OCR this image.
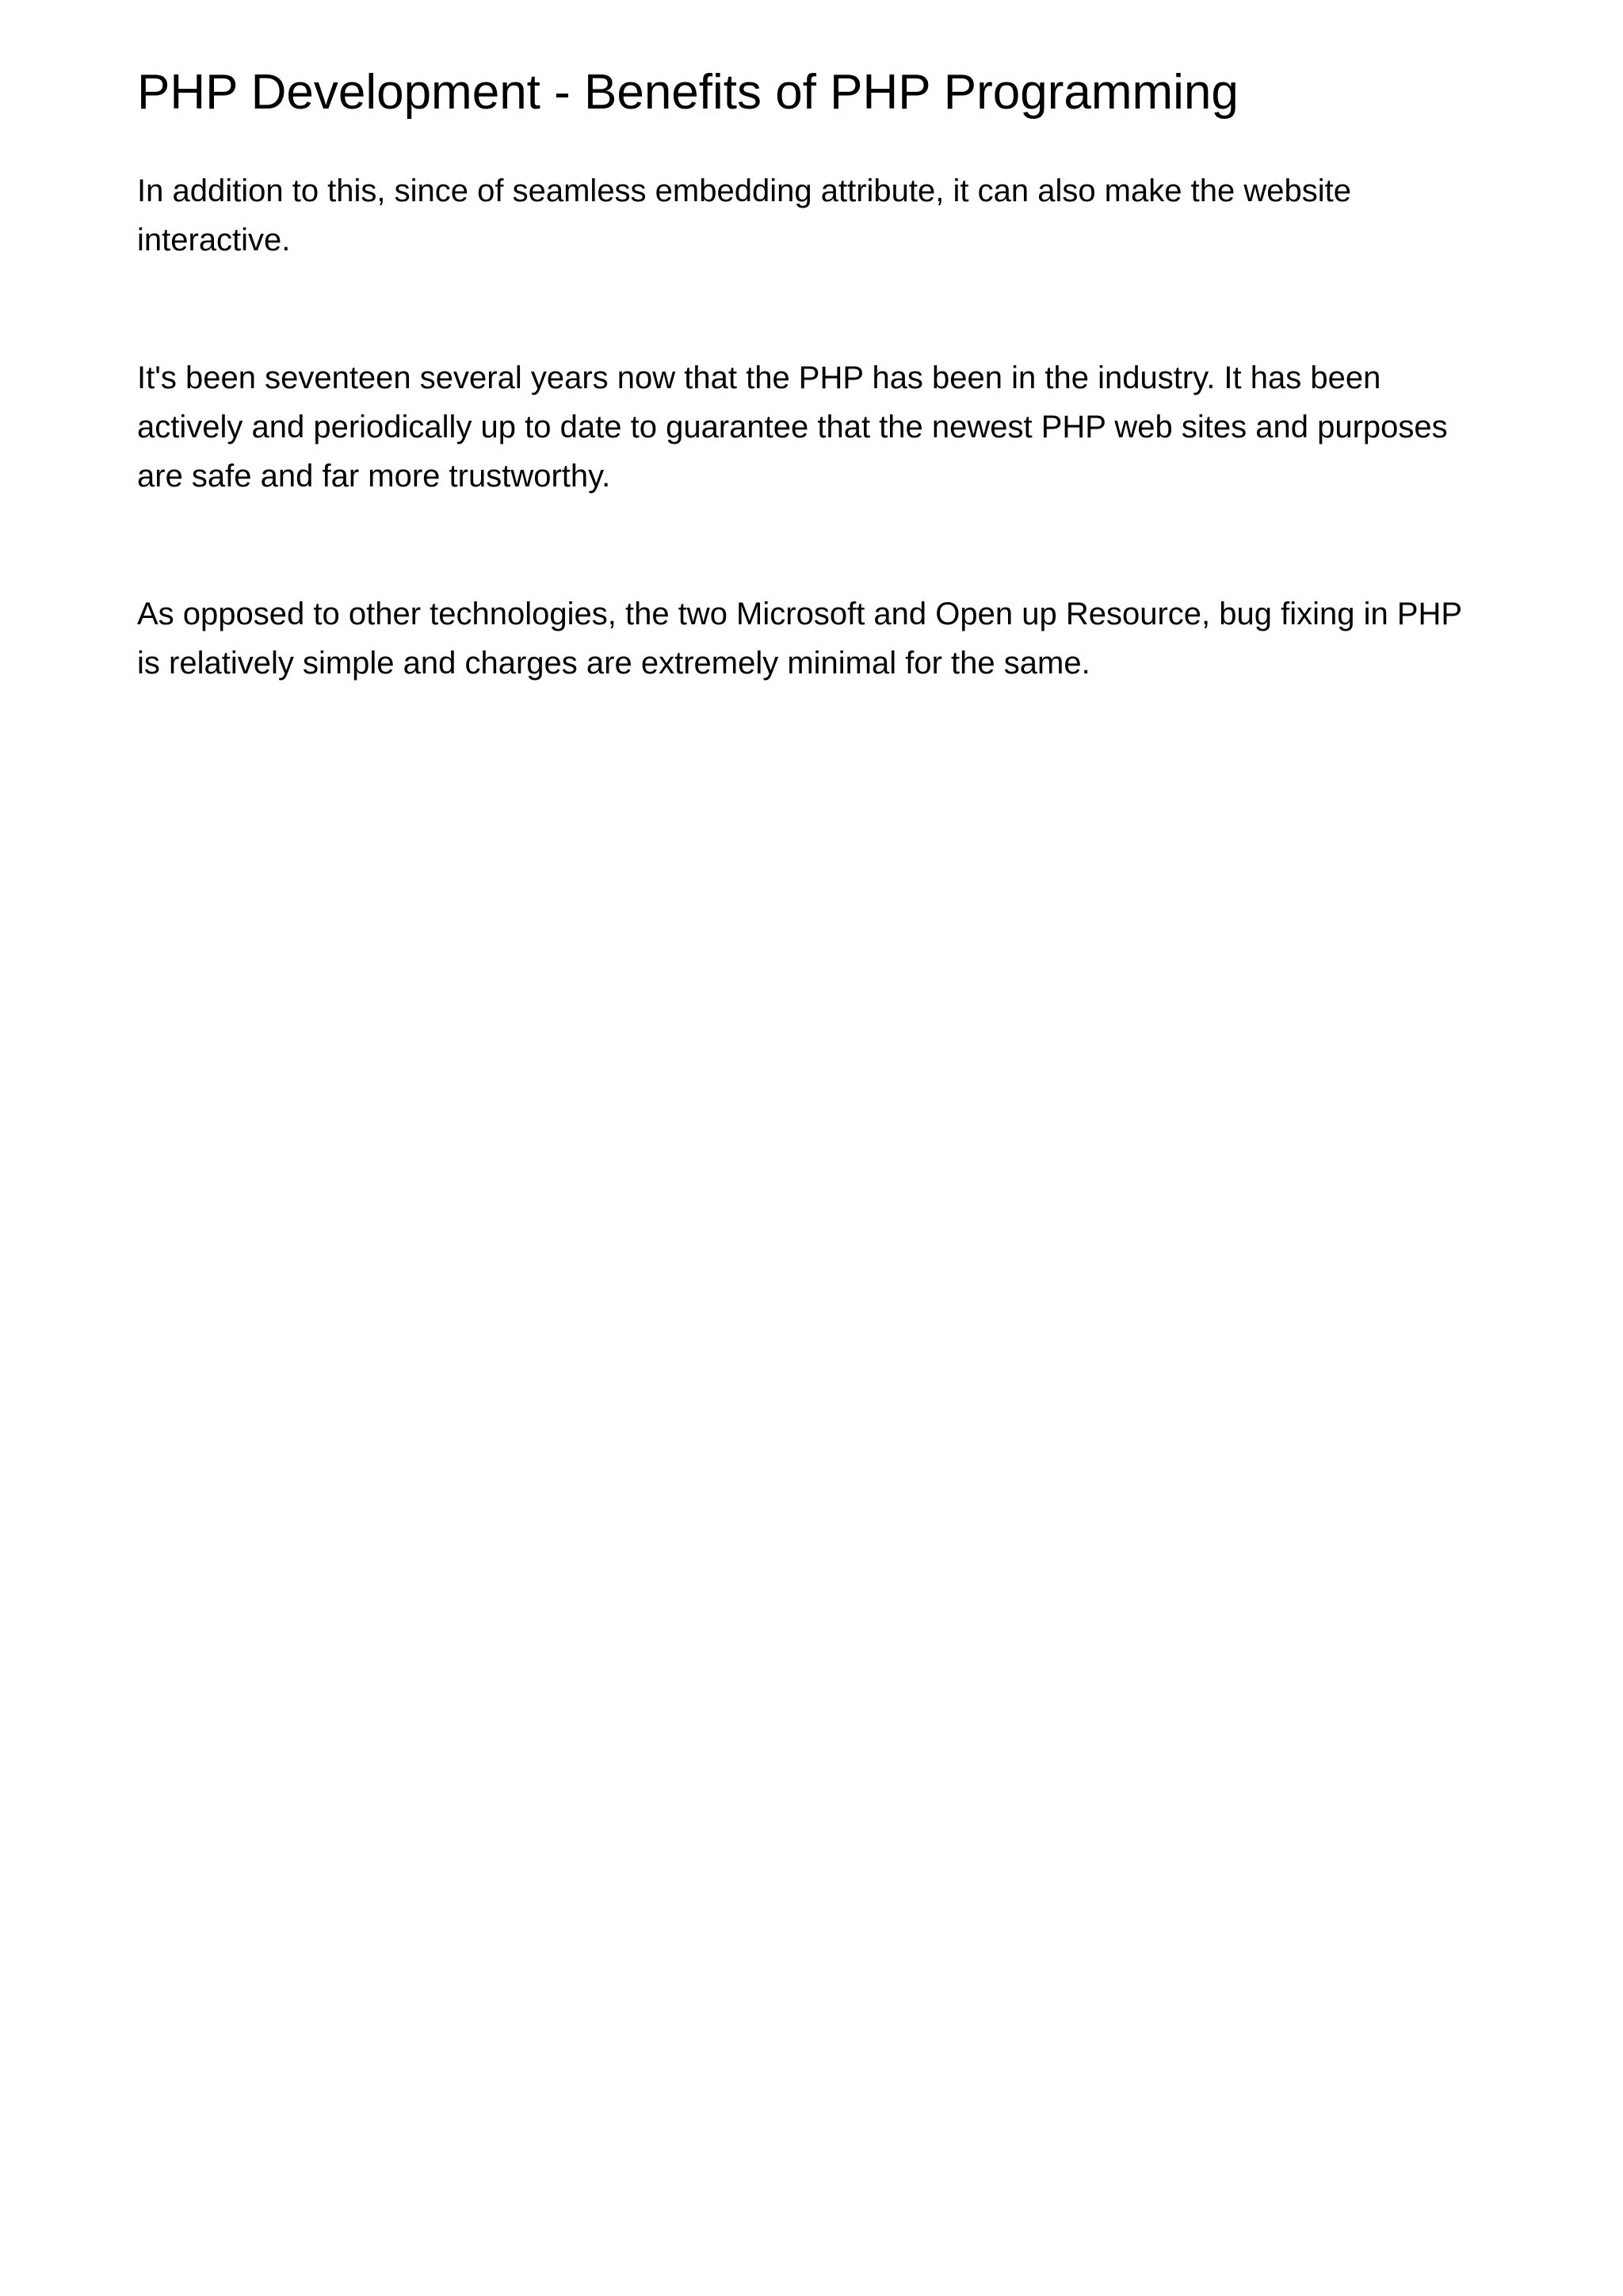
PHP Development - Benefits of PHP Programming

In addition to this, since of seamless embedding attribute, it can also make the website interactive.

It's been seventeen several years now that the PHP has been in the industry. It has been actively and periodically up to date to guarantee that the newest PHP web sites and purposes are safe and far more trustworthy.

As opposed to other technologies, the two Microsoft and Open up Resource, bug fixing in PHP is relatively simple and charges are extremely minimal for the same.
